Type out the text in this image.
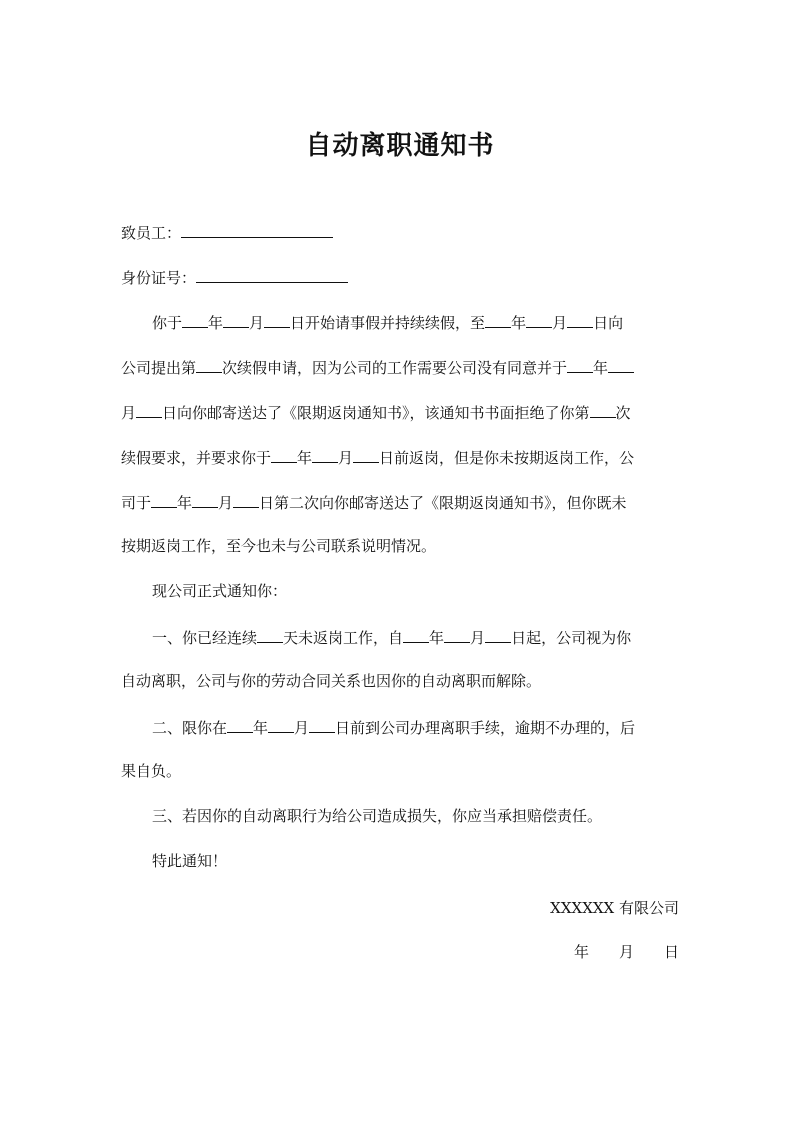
自动离职通知书
致员工：
身份证号：
你于 年 月 日开始请事假并持续续假，至 年 月 日向
公司提出第 次续假申请，因为公司的工作需要公司没有同意并于 年
月 日向你邮寄送达了《限期返岗通知书》，该通知书书面拒绝了你第 次
续假要求，并要求你于 年 月 日前返岗，但是你未按期返岗工作，公
司于 年 月 日第二次向你邮寄送达了《限期返岗通知书》，但你既未
按期返岗工作，至今也未与公司联系说明情况。
现公司正式通知你：
一、你已经连续 天未返岗工作，自 年 月 日起，公司视为你
自动离职，公司与你的劳动合同关系也因你的自动离职而解除。
二、限你在 年 月 日前到公司办理离职手续，逾期不办理的，后
果自负。
三、若因你的自动离职行为给公司造成损失，你应当承担赔偿责任。
特此通知！
XXXXXX 有限公司
年 月 日
